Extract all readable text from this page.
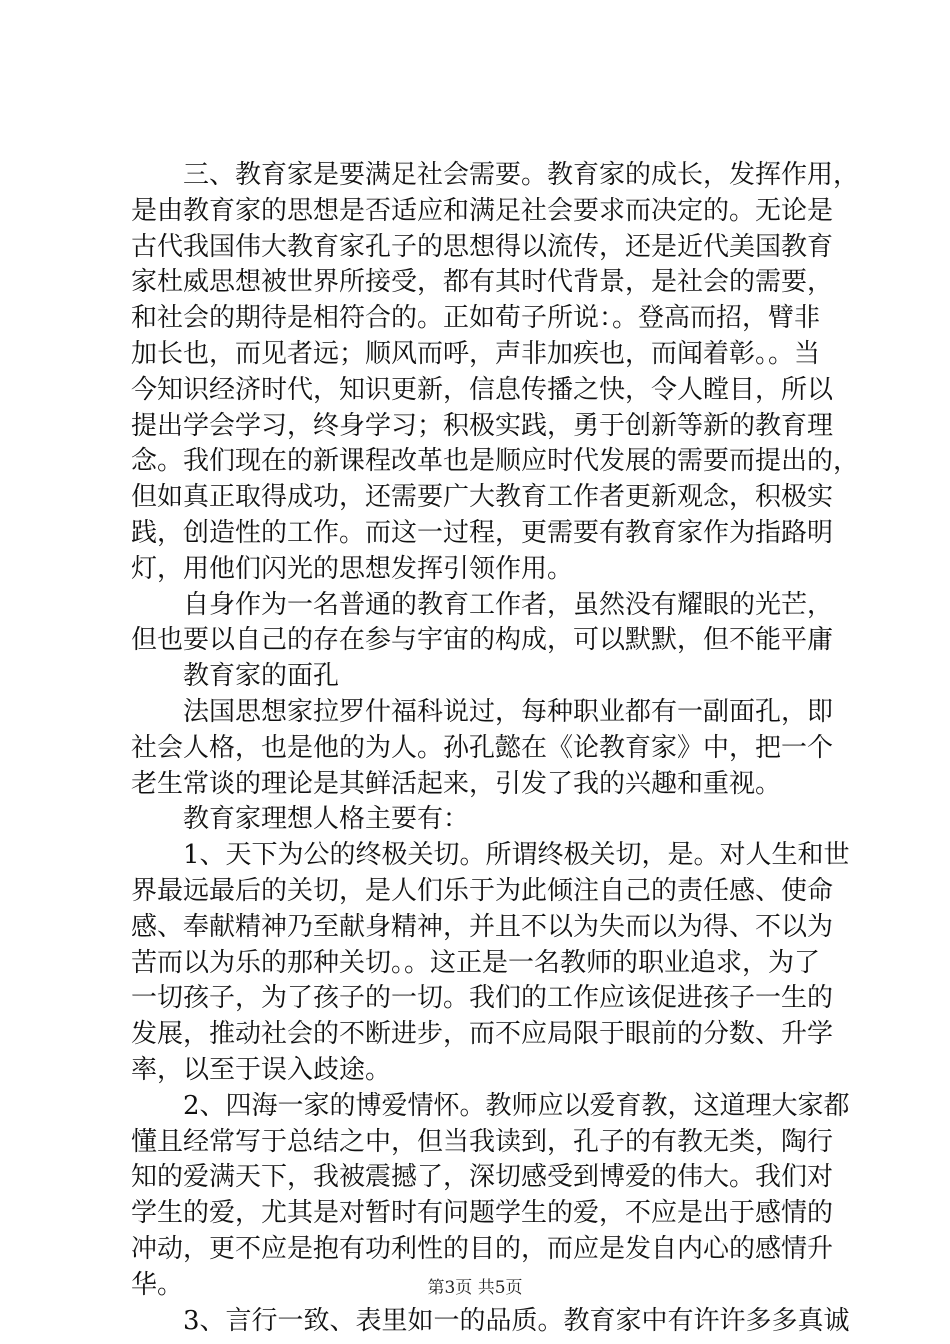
三、教育家是要满足社会需要。教育家的成长，发挥作用，
是由教育家的思想是否适应和满足社会要求而决定的。无论是
古代我国伟大教育家孔子的思想得以流传，还是近代美国教育
家杜威思想被世界所接受，都有其时代背景，是社会的需要，
和社会的期待是相符合的。正如荀子所说：。登高而招，臂非
加长也，而见者远；顺风而呼，声非加疾也，而闻着彰。。当
今知识经济时代，知识更新，信息传播之快，令人瞠目，所以
提出学会学习，终身学习；积极实践，勇于创新等新的教育理
念。我们现在的新课程改革也是顺应时代发展的需要而提出的，
但如真正取得成功，还需要广大教育工作者更新观念，积极实
践，创造性的工作。而这一过程，更需要有教育家作为指路明
灯，用他们闪光的思想发挥引领作用。

自身作为一名普通的教育工作者，虽然没有耀眼的光芒，
但也要以自己的存在参与宇宙的构成，可以默默，但不能平庸

教育家的面孔

法国思想家拉罗什福科说过，每种职业都有一副面孔，即
社会人格，也是他的为人。孙孔懿在《论教育家》中，把一个
老生常谈的理论是其鲜活起来，引发了我的兴趣和重视。

教育家理想人格主要有：

1、天下为公的终极关切。所谓终极关切，是。对人生和世
界最远最后的关切，是人们乐于为此倾注自己的责任感、使命
感、奉献精神乃至献身精神，并且不以为失而以为得、不以为
苦而以为乐的那种关切。。这正是一名教师的职业追求，为了
一切孩子，为了孩子的一切。我们的工作应该促进孩子一生的
发展，推动社会的不断进步，而不应局限于眼前的分数、升学
率，以至于误入歧途。

2、四海一家的博爱情怀。教师应以爱育教，这道理大家都
懂且经常写于总结之中，但当我读到，孔子的有教无类，陶行
知的爱满天下，我被震撼了，深切感受到博爱的伟大。我们对
学生的爱，尤其是对暂时有问题学生的爱，不应是出于感情的
冲动，更不应是抱有功利性的目的，而应是发自内心的感情升
华。

3、言行一致、表里如一的品质。教育家中有许许多多真诚

第3页 共5页
